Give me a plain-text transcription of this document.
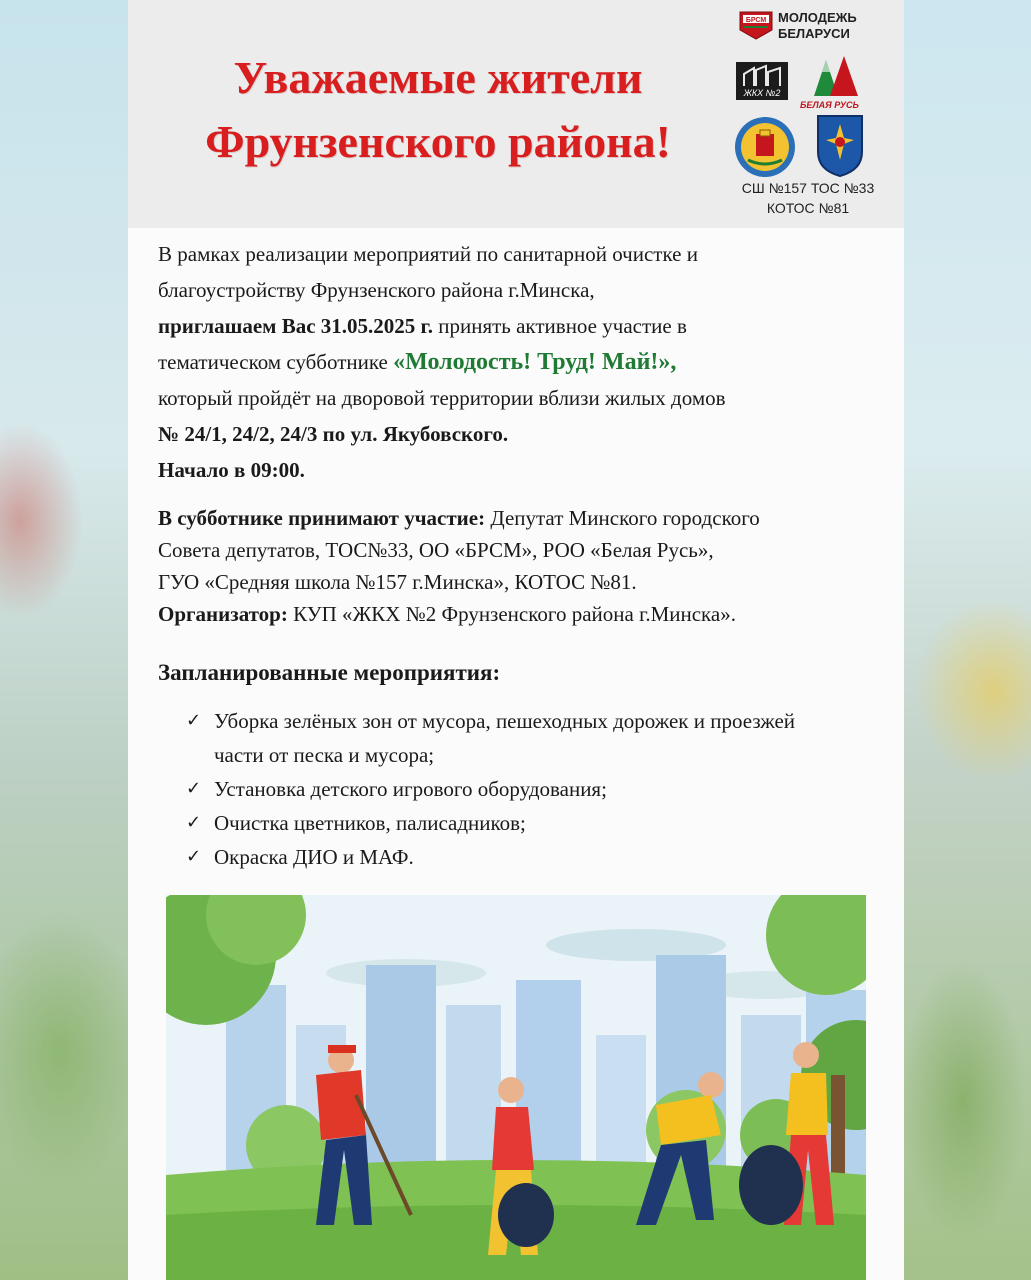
Уважаемые жители
Фрунзенского района!
БРСМ МОЛОДЕЖЬ
БЕЛАРУСИ
ЖКХ №2
БЕЛАЯ РУСЬ
СШ №157 ТОС №33
КОТОС №81

В рамках реализации мероприятий по санитарной очистке и

благоустройству Фрунзенского района г.Минска,

приглашаем Вас 31.05.2025 г. принять активное участие в

тематическом субботнике «Молодость! Труд! Май!»,

который пройдёт на дворовой территории вблизи жилых домов

№ 24/1, 24/2, 24/3 по ул. Якубовского.

Начало в 09:00.

В субботнике принимают участие: Депутат Минского городского

Совета депутатов, ТОС№33, ОО «БРСМ», РОО «Белая Русь»,

ГУО «Средняя школа №157 г.Минска», КОТОС №81.

Организатор: КУП «ЖКХ №2 Фрунзенского района г.Минска».

Запланированные мероприятия:
✓ Уборка зелёных зон от мусора, пешеходных дорожек и проезжей части от песка и мусора;
✓ Установка детского игрового оборудования;
✓ Очистка цветников, палисадников;
✓ Окраска ДИО и МАФ.
